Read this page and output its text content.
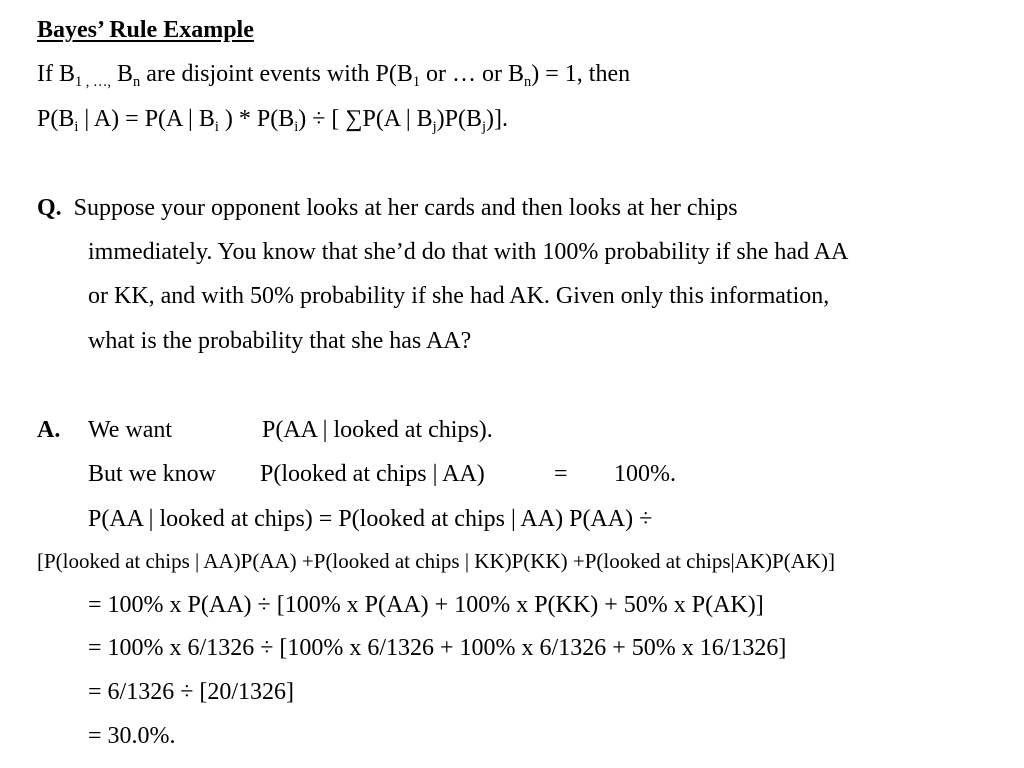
Bayes’ Rule Example
If $B_{1 , \dots,}$ $B_n$ are disjoint events with $P(B_1$ or … or $B_n) = 1$, then
$P(B_i$ | A) = P(A | $B_i$ ) * $P(B_i)$ ÷ [ ∑P(A | $B_j)P(B_j)$].
Q. Suppose your opponent looks at her cards and then looks at her chips
immediately. You know that she’d do that with 100% probability if she had AA
or KK, and with 50% probability if she had AK. Given only this information,
what is the probability that she has AA?
A. We want	P(AA | looked at chips).
But we know P(looked at chips | AA)	= 100%.
P(AA | looked at chips) = P(looked at chips | AA) P(AA) ÷
[P(looked at chips | AA)P(AA) +P(looked at chips | KK)P(KK) +P(looked at chips|AK)P(AK)]
= 100% x P(AA) ÷ [100% x P(AA) + 100% x P(KK) + 50% x P(AK)]
= 100% x 6/1326 ÷ [100% x 6/1326 + 100% x 6/1326 + 50% x 16/1326]
= 6/1326 ÷ [20/1326]
= 30.0%.
